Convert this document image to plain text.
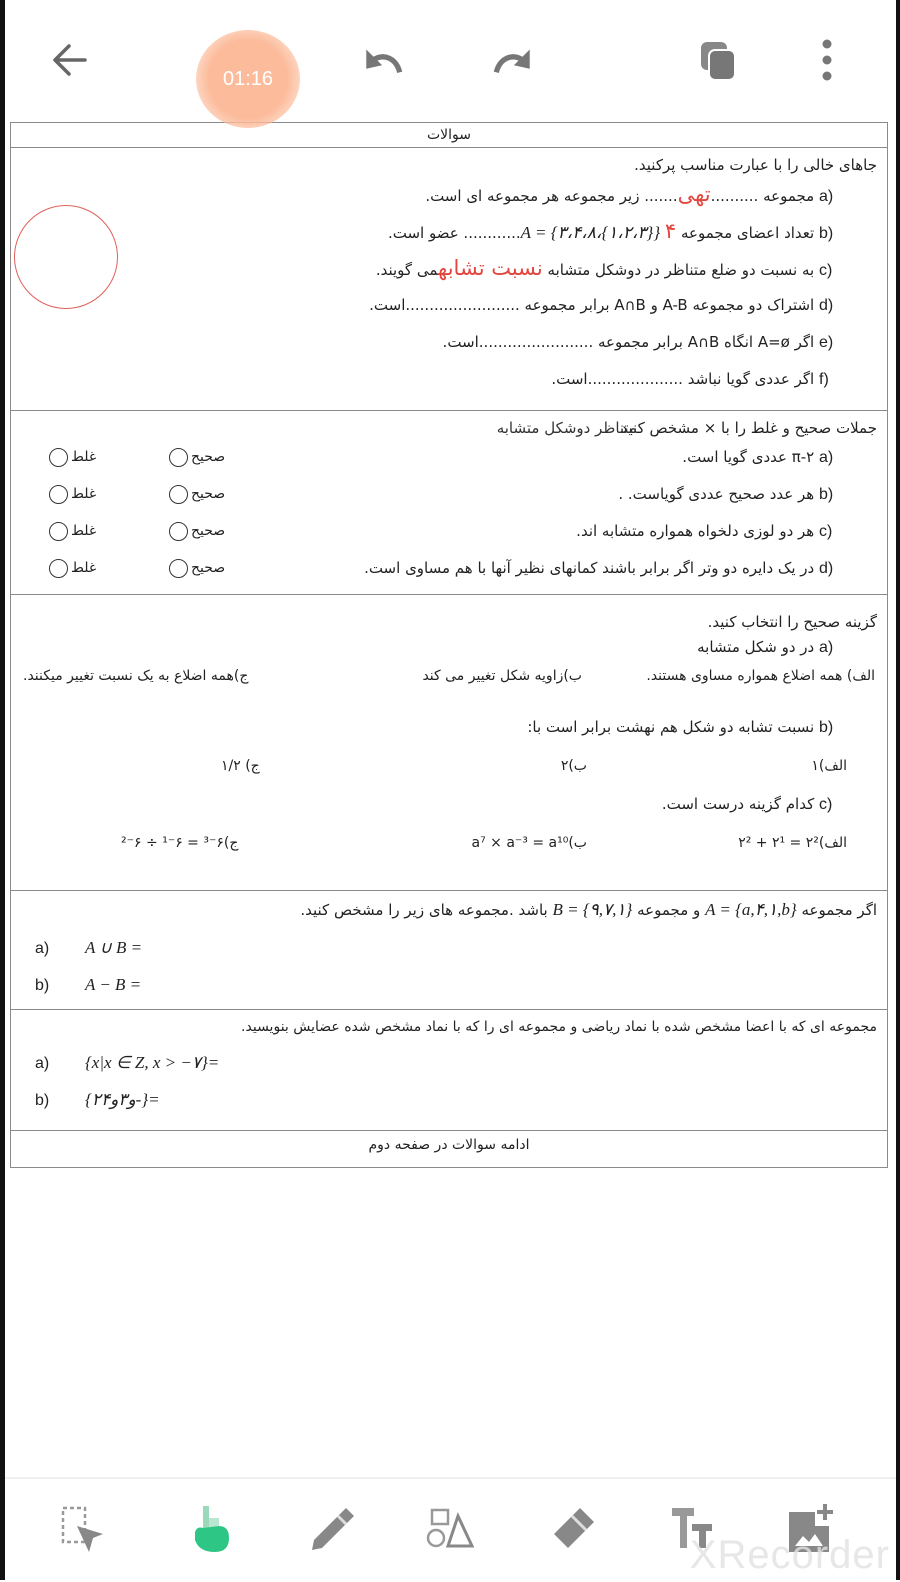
01:16
سوالات
جاهای خالی را با عبارت مناسب پرکنید.
a) مجموعه ..........تهی....... زیر مجموعه هر مجموعه ای است.
b) تعداد اعضای مجموعه A = {۳،۴،۸،{۱،۲،۳}} ۴............ عضو است.
c) به نسبت دو ضلع متناظر در دوشکل متشابه نسبت تشابهمی گویند.
d) اشتراک دو مجموعه A-B و A∩B برابر مجموعه ........................است.
e) اگر A=ø انگاه A∩B برابر مجموعه ........................است.
f) اگر عددی گویا نباشد ....................است.
جملات صحیح و غلط را با × مشخص کنید
متناظر دوشکل متشابه
a) π-۲ عددی گویا است.
صحیح
غلط
b) هر عدد صحیح عددی گویاست. .
صحیح
غلط
c) هر دو لوزی دلخواه همواره متشابه اند.
صحیح
غلط
d) در یک دایره دو وتر اگر برابر باشند کمانهای نظیر آنها با هم مساوی است.
صحیح
غلط
گزینه صحیح را انتخاب کنید.
a) در دو شکل متشابه
الف) همه اضلاع همواره مساوی هستند.
ب)زاویه شکل تغییر می کند
ج)همه اضلاع به یک نسبت تغییر میکنند.
b) نسبت تشابه دو شکل هم نهشت برابر است با:
الف)۱
ب)۲
ج) ۱/۲
c) کدام گزینه درست است.
الف)۲² = ۲¹ + ۲²
ب)a⁷ × a⁻³ = a¹⁰
ج)۶⁻³ = ۶⁻¹ ÷ ۶⁻²
اگر مجموعه A = {a,۴,۱,b} و مجموعه B = {۹,۷,۱} باشد .مجموعه های زیر را مشخص کنید.
a) A ∪ B =
b) A − B =
مجموعه ای که با اعضا مشخص شده با نماد ریاضی و مجموعه ای را که با نماد مشخص شده عضایش بنویسید.
a) {x|x ∈ Z, x > −۷}=
b) {۲و۳و۴-}=
ادامه سوالات در صفحه دوم
XRecorder
